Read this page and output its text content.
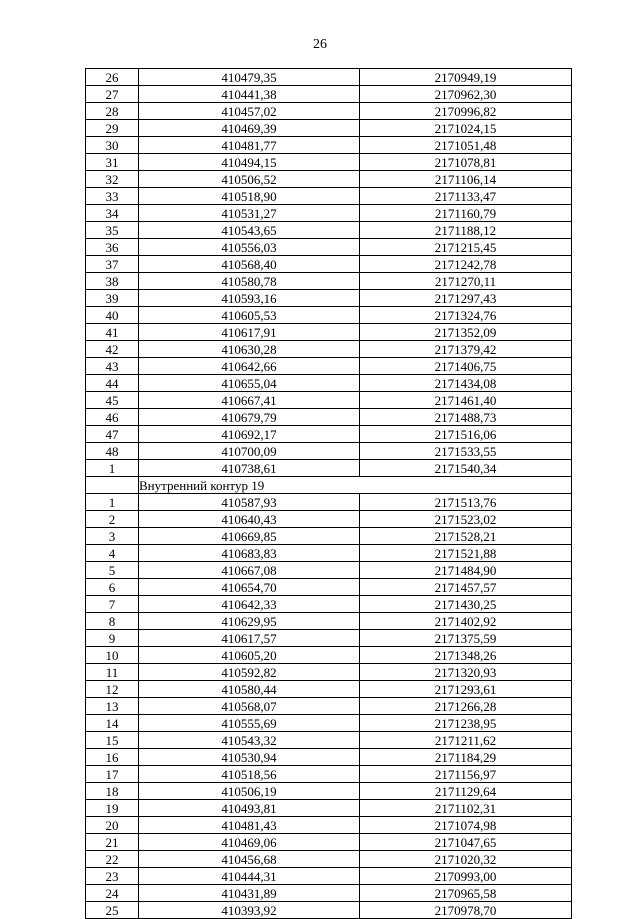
26
26	410479,35	2170949,19
27	410441,38	2170962,30
28	410457,02	2170996,82
29	410469,39	2171024,15
30	410481,77	2171051,48
31	410494,15	2171078,81
32	410506,52	2171106,14
33	410518,90	2171133,47
34	410531,27	2171160,79
35	410543,65	2171188,12
36	410556,03	2171215,45
37	410568,40	2171242,78
38	410580,78	2171270,11
39	410593,16	2171297,43
40	410605,53	2171324,76
41	410617,91	2171352,09
42	410630,28	2171379,42
43	410642,66	2171406,75
44	410655,04	2171434,08
45	410667,41	2171461,40
46	410679,79	2171488,73
47	410692,17	2171516,06
48	410700,09	2171533,55
1	410738,61	2171540,34
	Внутренний контур 19	
1	410587,93	2171513,76
2	410640,43	2171523,02
3	410669,85	2171528,21
4	410683,83	2171521,88
5	410667,08	2171484,90
6	410654,70	2171457,57
7	410642,33	2171430,25
8	410629,95	2171402,92
9	410617,57	2171375,59
10	410605,20	2171348,26
11	410592,82	2171320,93
12	410580,44	2171293,61
13	410568,07	2171266,28
14	410555,69	2171238,95
15	410543,32	2171211,62
16	410530,94	2171184,29
17	410518,56	2171156,97
18	410506,19	2171129,64
19	410493,81	2171102,31
20	410481,43	2171074,98
21	410469,06	2171047,65
22	410456,68	2171020,32
23	410444,31	2170993,00
24	410431,89	2170965,58
25	410393,92	2170978,70
